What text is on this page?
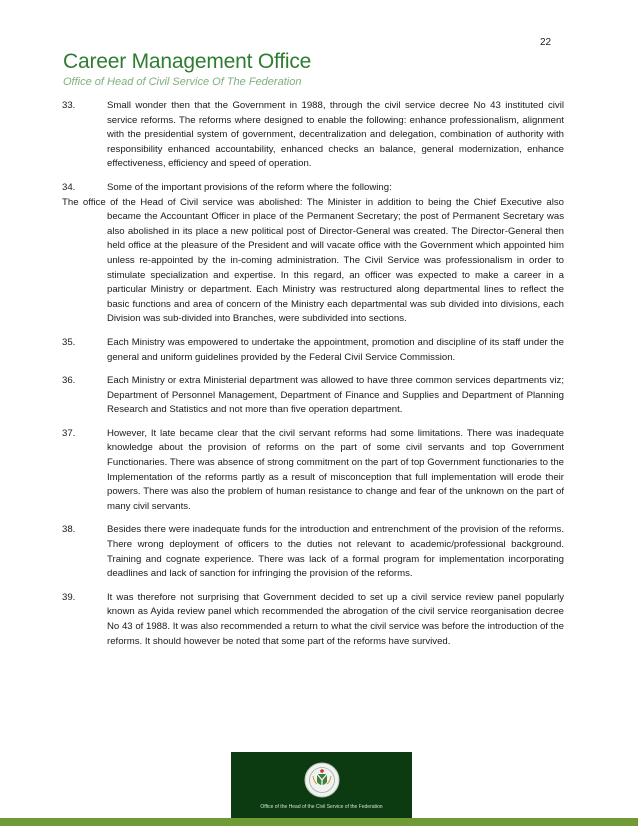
22
Career Management Office
Office of Head of Civil Service Of The Federation
33.	Small wonder then that the Government in 1988, through the civil service decree No 43 instituted civil service reforms. The reforms where designed to enable the following: enhance professionalism, alignment with the presidential system of government, decentralization and delegation, combination of authority with responsibility enhanced accountability, enhanced checks an balance, general modernization, enhance effectiveness, efficiency and speed of operation.
34.	Some of the important provisions of the reform where the following:
The office of the Head of Civil service was abolished: The Minister in addition to being the Chief Executive also became the Accountant Officer in place of the Permanent Secretary; the post of Permanent Secretary was also abolished in its place a new political post of Director-General was created. The Director-General then held office at the pleasure of the President and will vacate office with the Government which appointed him unless re-appointed by the in-coming administration. The Civil Service was professionalism in order to stimulate specialization and expertise. In this regard, an officer was expected to make a career in a particular Ministry or department. Each Ministry was restructured along departmental lines to reflect the basic functions and area of concern of the Ministry each departmental was sub divided into divisions, each Division was sub-divided into Branches, were subdivided into sections.
35.	Each Ministry was empowered to undertake the appointment, promotion and discipline of its staff under the general and uniform guidelines provided by the Federal Civil Service Commission.
36.	Each Ministry or extra Ministerial department was allowed to have three common services departments viz; Department of Personnel Management, Department of Finance and Supplies and Department of Planning Research and Statistics and not more than five operation department.
37.	However, It late became clear that the civil servant reforms had some limitations. There was inadequate knowledge about the provision of reforms on the part of some civil servants and top Government Functionaries. There was absence of strong commitment on the part of top Government functionaries to the Implementation of the reforms partly as a result of misconception that full implementation will erode their powers. There was also the problem of human resistance to change and fear of the unknown on the part of many civil servants.
38.	Besides there were inadequate funds for the introduction and entrenchment of the provision of the reforms. There wrong deployment of officers to the duties not relevant to academic/professional background. Training and cognate experience. There was lack of a formal program for implementation incorporating deadlines and lack of sanction for infringing the provision of the reforms.
39.	It was therefore not surprising that Government decided to set up a civil service review panel popularly known as Ayida review panel which recommended the abrogation of the civil service reorganisation decree No 43 of 1988. It was also recommended a return to what the civil service was before the introduction of the reforms. It should however be noted that some part of the reforms have survived.
Office of the Head of the Civil Service of the Federation
